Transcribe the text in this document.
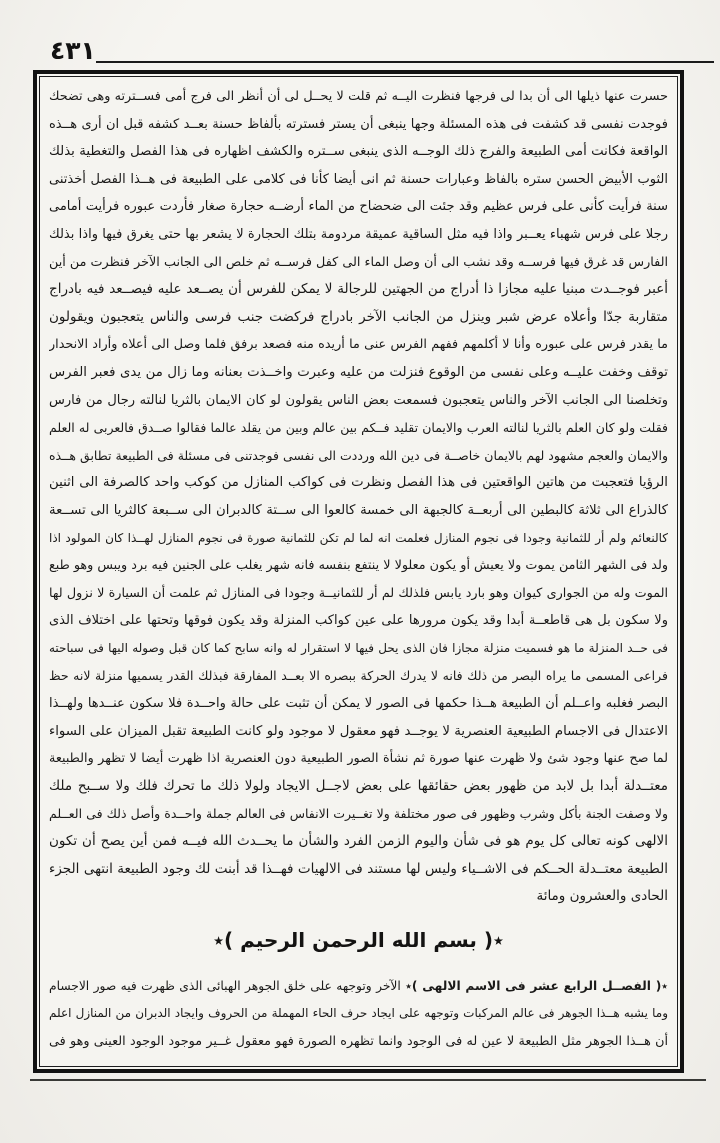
٤٣١
حسرت عنها ذيلها الى أن بدا لى فرجها فنظرت اليــه ثم قلت لا يحــل لى أن أنظر الى فرج أمى فســترته وهى تضحك
فوجدت نفسى قد كشفت فى هذه المسئلة وجها ينبغى أن يستر فسترته بألفاظ حسنة بعــد كشفه قبل ان أرى هــذه
الواقعة فكانت أمى الطبيعة والفرج ذلك الوجــه الذى ينبغى ســتره والكشف اظهاره فى هذا الفصل والتغطية بذلك
الثوب الأبيض الحسن ستره بالفاظ وعبارات حسنة ثم انى أيضا كأنا فى كلامى على الطبيعة فى هــذا الفصل أخذتنى
سنة فرأيت كأنى على فرس عظيم وقد جئت الى ضحضاح من الماء أرضــه حجارة صغار فأردت عبوره فرأيت أمامى
رجلا على فرس شهباء يعــبر واذا فيه مثل الساقية عميقة مردومة بتلك الحجارة لا يشعر بها حتى يغرق فيها واذا بذلك
الفارس قد غرق فيها فرســه وقد نشب الى أن وصل الماء الى كفل فرســه ثم خلص الى الجانب الآخر فنظرت من أين
أعبر فوجــدت مبنيا عليه مجازا ذا أدراج من الجهتين للرجالة لا يمكن للفرس أن يصــعد عليه فيصــعد فيه بادراج
متقاربة جدّا وأعلاه عرض شبر وينزل من الجانب الآخر بادراج فركضت جنب فرسى والناس يتعجبون ويقولون
ما يقدر فرس على عبوره وأنا لا أكلمهم ففهم الفرس عنى ما أريده منه فصعد برفق فلما وصل الى أعلاه وأراد الانحدار
توقف وخفت عليــه وعلى نفسى من الوقوع فنزلت من عليه وعبرت واخــذت بعنانه وما زال من يدى فعبر الفرس
وتخلصنا الى الجانب الآخر والناس يتعجبون فسمعت بعض الناس يقولون لو كان الايمان بالثريا لنالته رجال من فارس
فقلت ولو كان العلم بالثريا لنالته العرب والايمان تقليد فــكم بين عالم وبين من يقلد عالما فقالوا صــدق فالعربى له العلم
والايمان والعجم مشهود لهم بالايمان خاصــة فى دين الله ورددت الى نفسى فوجدتنى فى مسئلة فى الطبيعة تطابق هــذه
الرؤيا فتعجبت من هاتين الواقعتين فى هذا الفصل ونظرت فى كواكب المنازل من كوكب واحد كالصرفة الى اثنين
كالذراع الى ثلاثة كالبطين الى أربعــة كالجبهة الى خمسة كالعوا الى ســتة كالدبران الى ســبعة كالثريا الى تســعة
كالنعائم ولم أر للثمانية وجودا فى نجوم المنازل فعلمت انه لما لم تكن للثمانية صورة فى نجوم المنازل لهــذا كان المولود اذا
ولد فى الشهر الثامن يموت ولا يعيش أو يكون معلولا لا ينتفع بنفسه فانه شهر يغلب على الجنين فيه برد ويبس وهو طبع
الموت وله من الجوارى كيوان وهو بارد يابس فلذلك لم أر للثمانيــة وجودا فى المنازل ثم علمت أن السيارة لا نزول لها
ولا سكون بل هى قاطعــة أبدا وقد يكون مرورها على عين كواكب المنزلة وقد يكون فوقها وتحتها على اختلاف الذى
فى حــد المنزلة ما هو فسميت منزلة مجازا فان الذى يحل فيها لا استقرار له وانه سابح كما كان قبل وصوله اليها فى سباحته
فراعى المسمى ما يراه البصر من ذلك فانه لا يدرك الحركة ببصره الا بعــد المفارقة فبذلك القدر يسميها منزلة لانه حظ
البصر فغلبه واعــلم أن الطبيعة هــذا حكمها فى الصور لا يمكن أن تثبت على حالة واحــدة فلا سكون عنــدها ولهــذا
الاعتدال فى الاجسام الطبيعية العنصرية لا يوجــد فهو معقول لا موجود ولو كانت الطبيعة تقبل الميزان على السواء
لما صح عنها وجود شئ ولا ظهرت عنها صورة ثم نشأة الصور الطبيعية دون العنصرية اذا ظهرت أيضا لا تظهر والطبيعة
معتــدلة أبدا بل لابد من ظهور بعض حقائقها على بعض لاجــل الايجاد ولولا ذلك ما تحرك فلك ولا ســبح ملك
ولا وصفت الجنة بأكل وشرب وظهور فى صور مختلفة ولا تغــيرت الانفاس فى العالم جملة واحــدة وأصل ذلك فى العــلم
الالهى كونه تعالى كل يوم هو فى شأن واليوم الزمن الفرد والشأن ما يحــدث الله فيــه فمن أين يصح أن تكون
الطبيعة معتــدلة الحــكم فى الاشــياء وليس لها مستند فى الالهيات فهــذا قد أبنت لك وجود الطبيعة انتهى الجزء
الحادى والعشرون ومائة
٭( بسم الله الرحمن الرحيم )٭
٭( الفصــل الرابع عشر فى الاسم الالهى )٭ الآخر وتوجهه على خلق الجوهر الهبائى الذى ظهرت فيه صور الاجسام
وما يشبه هــذا الجوهر فى عالم المركبات وتوجهه على ايجاد حرف الحاء المهملة من الحروف وايجاد الدبران من المنازل اعلم
أن هــذا الجوهر مثل الطبيعة لا عين له فى الوجود وانما تظهره الصورة فهو معقول غــير موجود الوجود العينى وهو فى
